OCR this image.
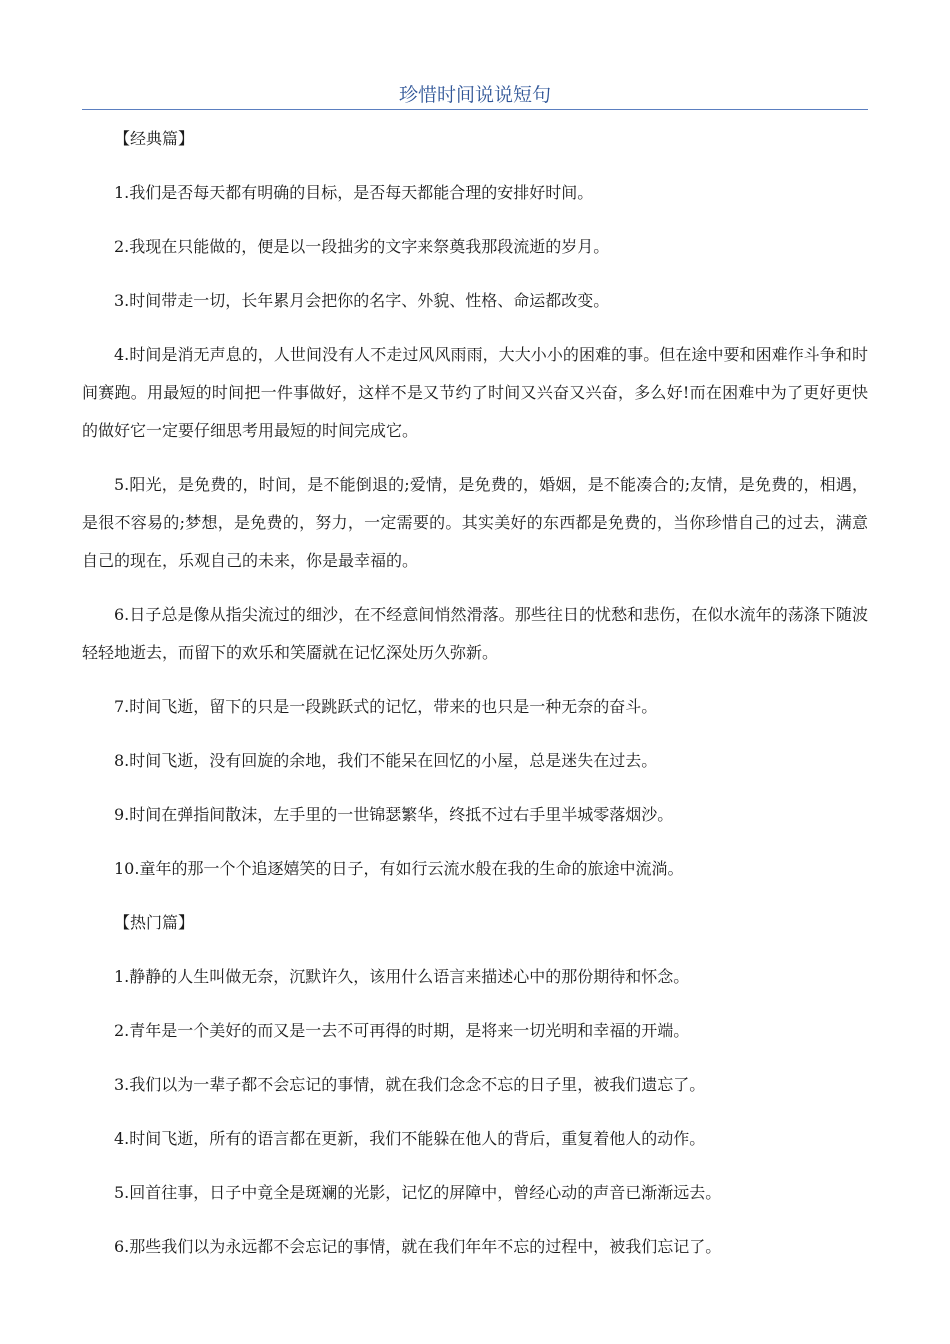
珍惜时间说说短句

【经典篇】

1.我们是否每天都有明确的目标，是否每天都能合理的安排好时间。

2.我现在只能做的，便是以一段拙劣的文字来祭奠我那段流逝的岁月。

3.时间带走一切，长年累月会把你的名字、外貌、性格、命运都改变。

4.时间是消无声息的，人世间没有人不走过风风雨雨，大大小小的困难的事。但在途中要和困难作斗争和时间赛跑。用最短的时间把一件事做好，这样不是又节约了时间又兴奋又兴奋，多么好!而在困难中为了更好更快的做好它一定要仔细思考用最短的时间完成它。

5.阳光，是免费的，时间，是不能倒退的;爱情，是免费的，婚姻，是不能凑合的;友情，是免费的，相遇，是很不容易的;梦想，是免费的，努力，一定需要的。其实美好的东西都是免费的，当你珍惜自己的过去，满意自己的现在，乐观自己的未来，你是最幸福的。

6.日子总是像从指尖流过的细沙，在不经意间悄然滑落。那些往日的忧愁和悲伤，在似水流年的荡涤下随波轻轻地逝去，而留下的欢乐和笑靥就在记忆深处历久弥新。

7.时间飞逝，留下的只是一段跳跃式的记忆，带来的也只是一种无奈的奋斗。

8.时间飞逝，没有回旋的余地，我们不能呆在回忆的小屋，总是迷失在过去。

9.时间在弹指间散沫，左手里的一世锦瑟繁华，终抵不过右手里半城零落烟沙。

10.童年的那一个个追逐嬉笑的日子，有如行云流水般在我的生命的旅途中流淌。

【热门篇】

1.静静的人生叫做无奈，沉默许久，该用什么语言来描述心中的那份期待和怀念。

2.青年是一个美好的而又是一去不可再得的时期，是将来一切光明和幸福的开端。

3.我们以为一辈子都不会忘记的事情，就在我们念念不忘的日子里，被我们遗忘了。

4.时间飞逝，所有的语言都在更新，我们不能躲在他人的背后，重复着他人的动作。

5.回首往事，日子中竟全是斑斓的光影，记忆的屏障中，曾经心动的声音已渐渐远去。

6.那些我们以为永远都不会忘记的事情，就在我们年年不忘的过程中，被我们忘记了。
